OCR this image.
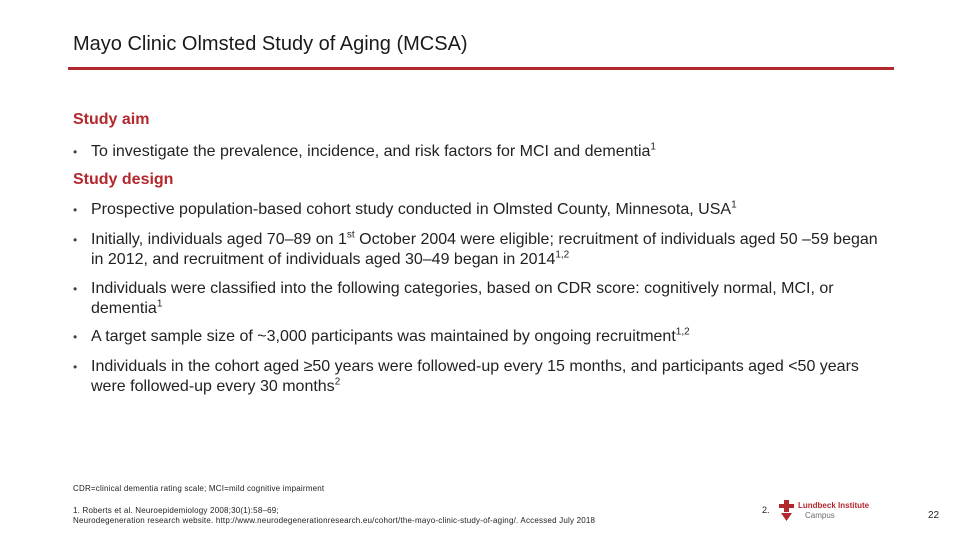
Mayo Clinic Olmsted Study of Aging (MCSA)
Study aim
• To investigate the prevalence, incidence, and risk factors for MCI and dementia$^1$
Study design
• Prospective population-based cohort study conducted in Olmsted County, Minnesota, USA$^1$
• Initially, individuals aged 70–89 on 1st October 2004 were eligible; recruitment of individuals aged 50 –59 began in 2012, and recruitment of individuals aged 30–49 began in 2014$^{1,2}$
• Individuals were classified into the following categories, based on CDR score: cognitively normal, MCI, or dementia$^1$
• A target sample size of ~3,000 participants was maintained by ongoing recruitment$^{1,2}$
• Individuals in the cohort aged ≥50 years were followed-up every 15 months, and participants aged <50 years were followed-up every 30 months$^2$
CDR=clinical dementia rating scale; MCI=mild cognitive impairment
1. Roberts et al. Neuroepidemiology 2008;30(1):58–69;
Neurodegeneration research website. http://www.neurodegenerationresearch.eu/cohort/the-mayo-clinic-study-of-aging/. Accessed July 2018
2.	Lundbeck Institute
Campus	22
